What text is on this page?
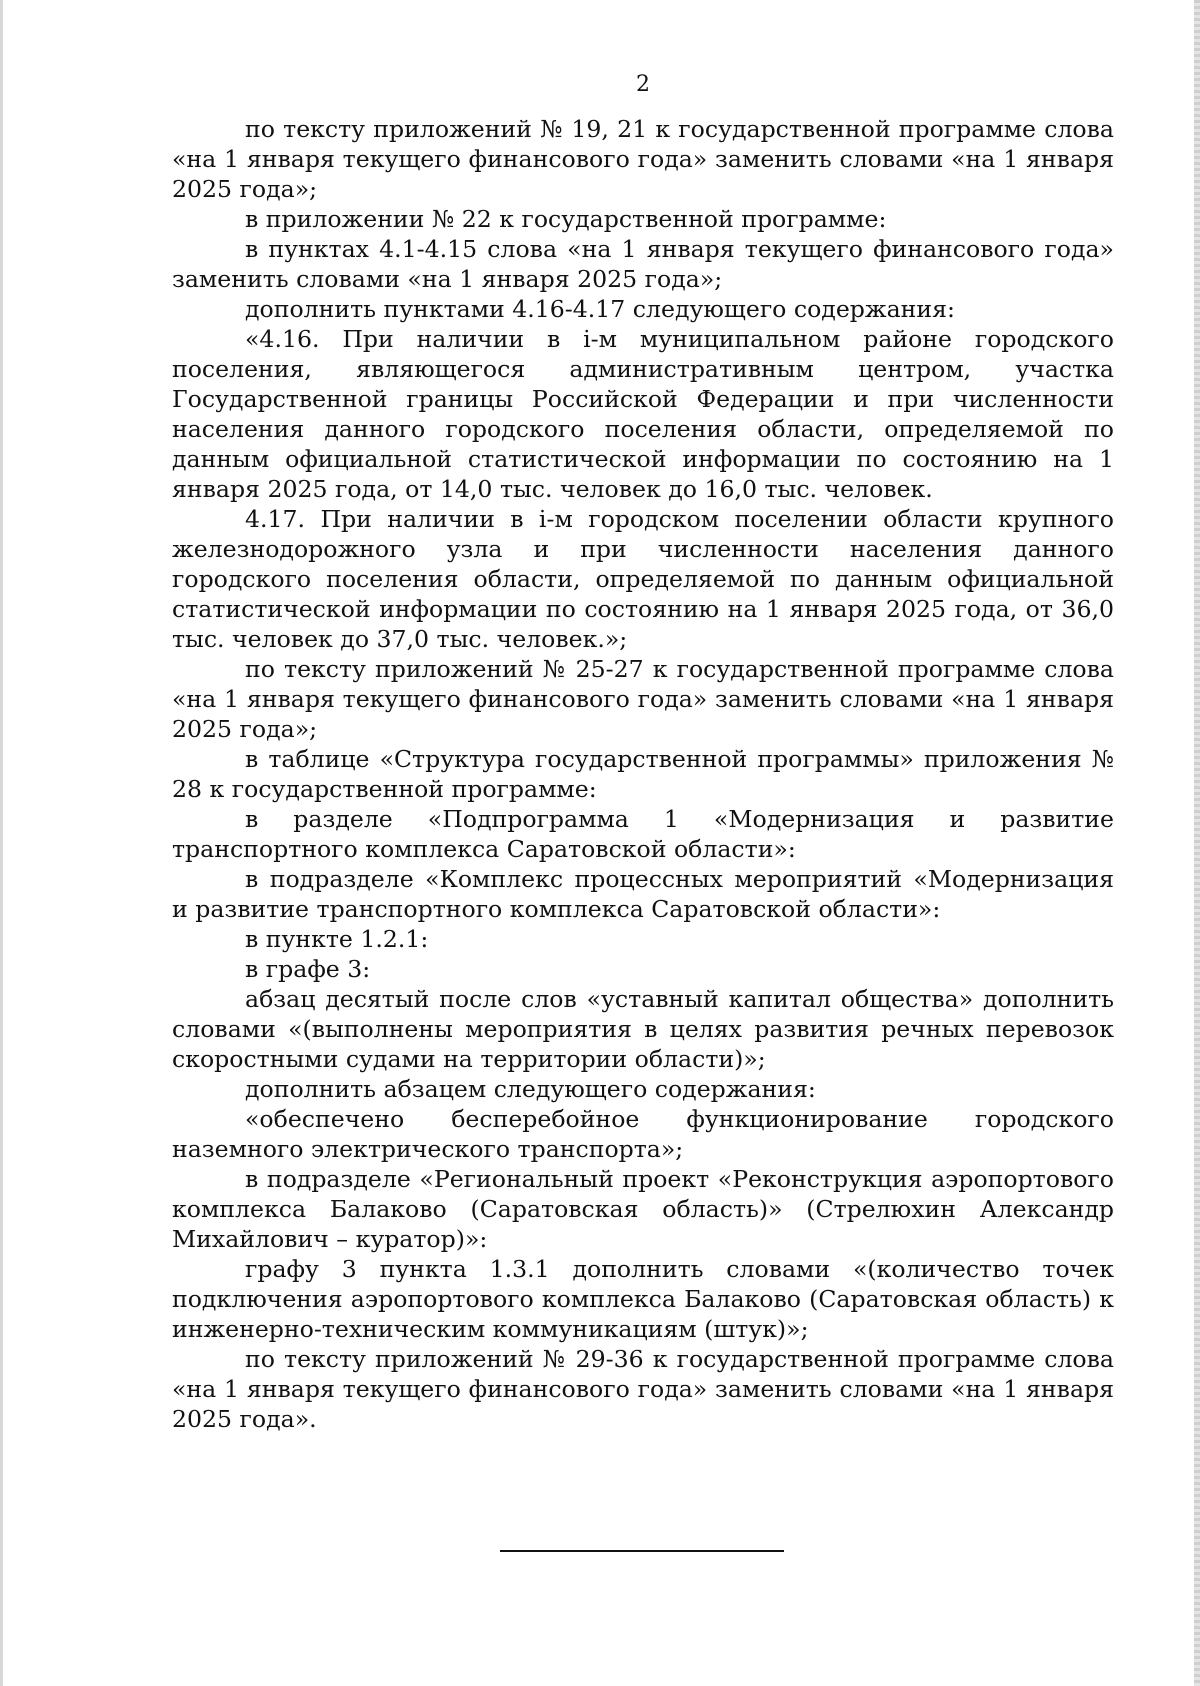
2

по тексту приложений № 19, 21 к государственной программе слова «на 1 января текущего финансового года» заменить словами «на 1 января 2025 года»;

в приложении № 22 к государственной программе:

в пунктах 4.1-4.15 слова «на 1 января текущего финансового года» заменить словами «на 1 января 2025 года»;

дополнить пунктами 4.16-4.17 следующего содержания:

«4.16. При наличии в i-м муниципальном районе городского поселения, являющегося административным центром, участка Государственной границы Российской Федерации и при численности населения данного городского поселения области, определяемой по данным официальной статистической информации по состоянию на 1 января 2025 года, от 14,0 тыс. человек до 16,0 тыс. человек.

4.17. При наличии в i-м городском поселении области крупного железнодорожного узла и при численности населения данного городского поселения области, определяемой по данным официальной статистической информации по состоянию на 1 января 2025 года, от 36,0 тыс. человек до 37,0 тыс. человек.»;

по тексту приложений № 25-27 к государственной программе слова «на 1 января текущего финансового года» заменить словами «на 1 января 2025 года»;

в таблице «Структура государственной программы» приложения № 28 к государственной программе:

в разделе «Подпрограмма 1 «Модернизация и развитие транспортного комплекса Саратовской области»:

в подразделе «Комплекс процессных мероприятий «Модернизация и развитие транспортного комплекса Саратовской области»:

в пункте 1.2.1:

в графе 3:

абзац десятый после слов «уставный капитал общества» дополнить словами «(выполнены мероприятия в целях развития речных перевозок скоростными судами на территории области)»;

дополнить абзацем следующего содержания:

«обеспечено бесперебойное функционирование городского наземного электрического транспорта»;

в подразделе «Региональный проект «Реконструкция аэропортового комплекса Балаково (Саратовская область)» (Стрелюхин Александр Михайлович – куратор)»:

графу 3 пункта 1.3.1 дополнить словами «(количество точек подключения аэропортового комплекса Балаково (Саратовская область) к инженерно-техническим коммуникациям (штук)»;

по тексту приложений № 29-36 к государственной программе слова «на 1 января текущего финансового года» заменить словами «на 1 января 2025 года».
